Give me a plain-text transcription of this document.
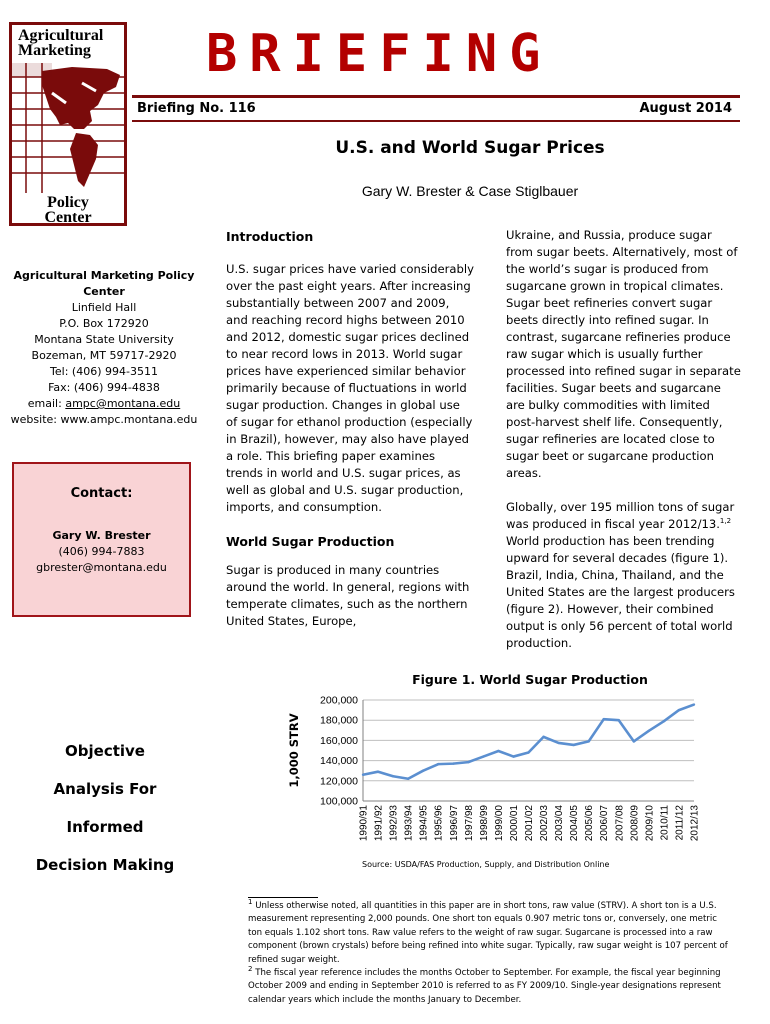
Agricultural
Marketing
Policy
Center
BRIEFING
Briefing No. 116	August 2014
U.S. and World Sugar Prices
Gary W. Brester & Case Stiglbauer
Agricultural Marketing Policy Center
Linfield Hall
P.O. Box 172920
Montana State University
Bozeman, MT 59717-2920
Tel: (406) 994-3511
Fax: (406) 994-4838
email: ampc@montana.edu
website: www.ampc.montana.edu
Contact:
Gary W. Brester
(406) 994-7883
gbrester@montana.edu
Objective
Analysis For
Informed
Decision Making
Introduction

U.S. sugar prices have varied considerably over the past eight years. After increasing substantially between 2007 and 2009, and reaching record highs between 2010 and 2012, domestic sugar prices declined to near record lows in 2013. World sugar prices have experienced similar behavior primarily because of fluctuations in world sugar production. Changes in global use of sugar for ethanol production (especially in Brazil), however, may also have played a role. This briefing paper examines trends in world and U.S. sugar prices, as well as global and U.S. sugar production, imports, and consumption.

World Sugar Production

Sugar is produced in many countries around the world. In general, regions with temperate climates, such as the northern United States, Europe,

Ukraine, and Russia, produce sugar from sugar beets. Alternatively, most of the world’s sugar is produced from sugarcane grown in tropical climates. Sugar beet refineries convert sugar beets directly into refined sugar. In contrast, sugarcane refineries produce raw sugar which is usually further processed into refined sugar in separate facilities. Sugar beets and sugarcane are bulky commodities with limited post-harvest shelf life. Consequently, sugar refineries are located close to sugar beet or sugarcane production areas.

Globally, over 195 million tons of sugar was produced in fiscal year 2012/13.$^{1,2}$ World production has been trending upward for several decades (figure 1). Brazil, India, China, Thailand, and the United States are the largest producers (figure 2). However, their combined output is only 56 percent of total world production.

Figure 1. World Sugar Production
100,000
120,000
140,000
160,000
180,000
200,000
1,000 STRV
1990/91 1991/92 1992/93 1993/94 1994/95 1995/96 1996/97 1997/98 1998/99 1999/00 2000/01 2001/02 2002/03 2003/04 2004/05 2005/06 2006/07 2007/08 2008/09 2009/10 2010/11 2011/12 2012/13
Source: USDA/FAS Production, Supply, and Distribution Online
$^1$ Unless otherwise noted, all quantities in this paper are in short tons, raw value (STRV). A short ton is a U.S. measurement representing 2,000 pounds. One short ton equals 0.907 metric tons or, conversely, one metric ton equals 1.102 short tons. Raw value refers to the weight of raw sugar. Sugarcane is processed into a raw component (brown crystals) before being refined into white sugar. Typically, raw sugar weight is 107 percent of refined sugar weight.
$^2$ The fiscal year reference includes the months October to September. For example, the fiscal year beginning October 2009 and ending in September 2010 is referred to as FY 2009/10. Single-year designations represent calendar years which include the months January to December.
